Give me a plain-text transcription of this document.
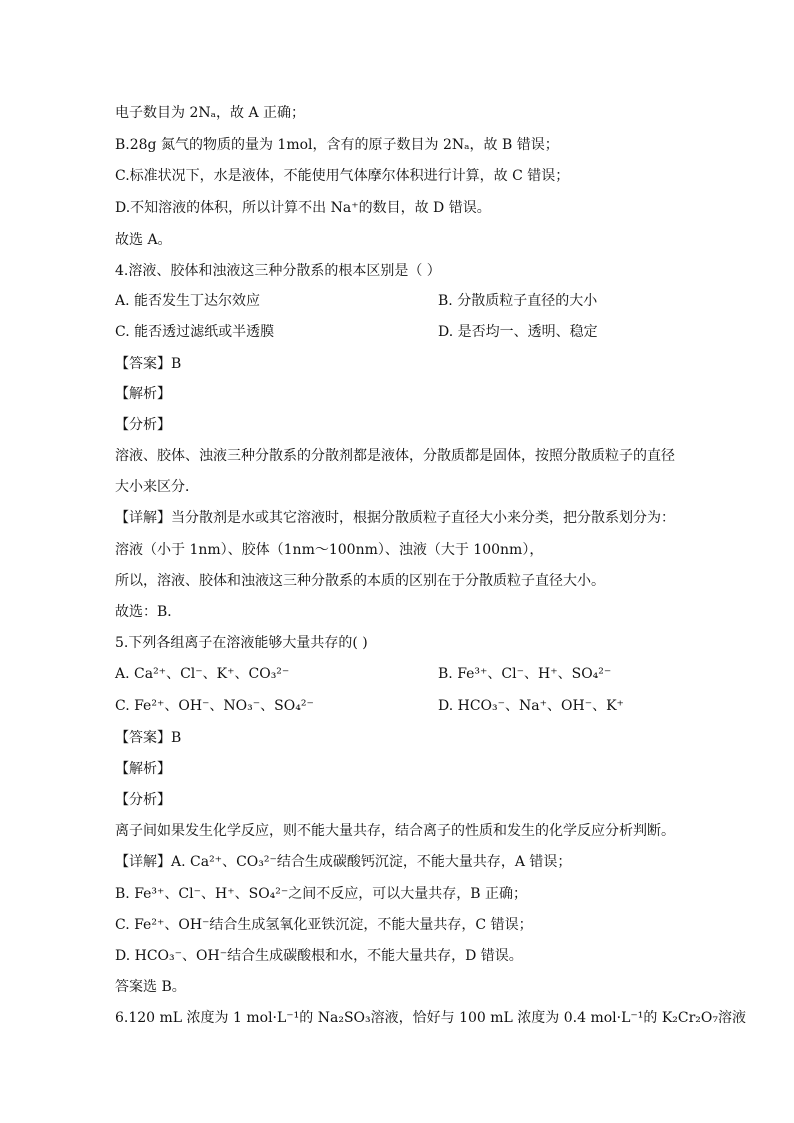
电子数目为 2Nₐ，故 A 正确；
B.28g 氮气的物质的量为 1mol，含有的原子数目为 2Nₐ，故 B 错误；
C.标准状况下，水是液体，不能使用气体摩尔体积进行计算，故 C 错误；
D.不知溶液的体积，所以计算不出 Na⁺的数目，故 D 错误。
故选 A。
4.溶液、胶体和浊液这三种分散系的根本区别是（ ）
A. 能否发生丁达尔效应	B. 分散质粒子直径的大小
C. 能否透过滤纸或半透膜	D. 是否均一、透明、稳定
【答案】B
【解析】
【分析】
溶液、胶体、浊液三种分散系的分散剂都是液体，分散质都是固体，按照分散质粒子的直径
大小来区分．
【详解】当分散剂是水或其它溶液时，根据分散质粒子直径大小来分类，把分散系划分为：
溶液（小于 1nm）、胶体（1nm～100nm）、浊液（大于 100nm），
所以，溶液、胶体和浊液这三种分散系的本质的区别在于分散质粒子直径大小。
故选：B．
5.下列各组离子在溶液能够大量共存的( )
A. Ca²⁺、Cl⁻、K⁺、CO₃²⁻	B. Fe³⁺、Cl⁻、H⁺、SO₄²⁻
C. Fe²⁺、OH⁻、NO₃⁻、SO₄²⁻	D. HCO₃⁻、Na⁺、OH⁻、K⁺
【答案】B
【解析】
【分析】
离子间如果发生化学反应，则不能大量共存，结合离子的性质和发生的化学反应分析判断。
【详解】A. Ca²⁺、CO₃²⁻结合生成碳酸钙沉淀，不能大量共存，A 错误；
B. Fe³⁺、Cl⁻、H⁺、SO₄²⁻之间不反应，可以大量共存，B 正确；
C. Fe²⁺、OH⁻结合生成氢氧化亚铁沉淀，不能大量共存，C 错误；
D. HCO₃⁻、OH⁻结合生成碳酸根和水，不能大量共存，D 错误。
答案选 B。
6.120 mL 浓度为 1 mol·L⁻¹的 Na₂SO₃溶液，恰好与 100 mL 浓度为 0.4 mol·L⁻¹的 K₂Cr₂O₇溶液
